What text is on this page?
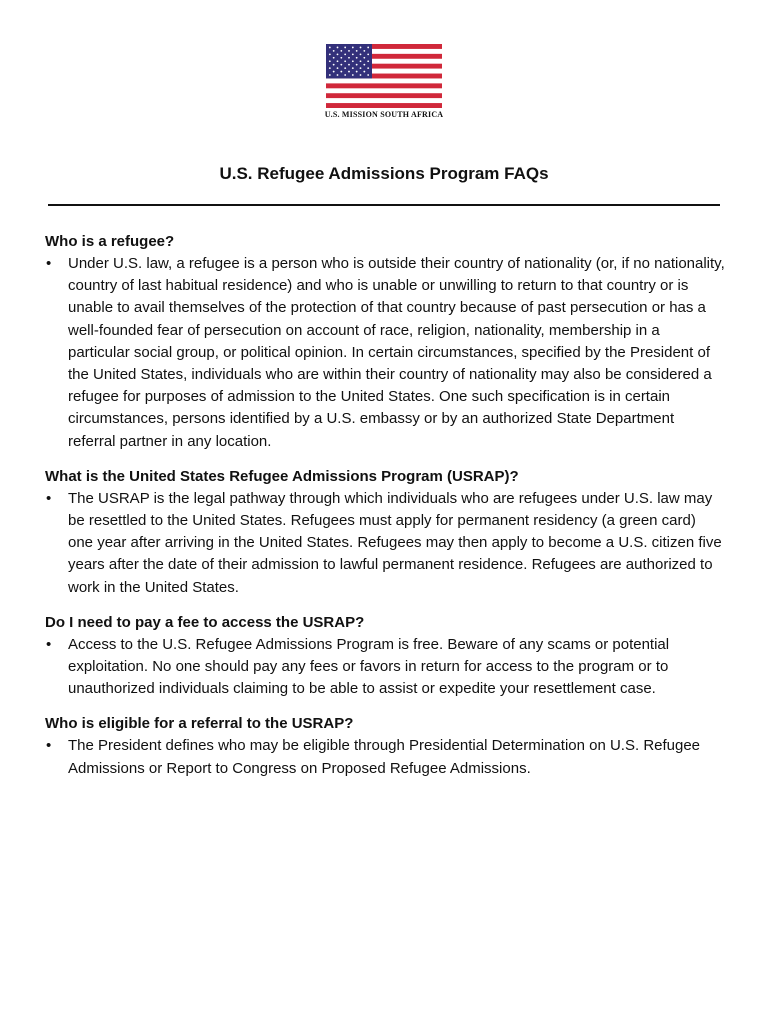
U.S. MISSION SOUTH AFRICA
U.S. Refugee Admissions Program FAQs
Who is a refugee?
• Under U.S. law, a refugee is a person who is outside their country of nationality (or, if no nationality, country of last habitual residence) and who is unable or unwilling to return to that country or is unable to avail themselves of the protection of that country because of past persecution or has a well-founded fear of persecution on account of race, religion, nationality, membership in a particular social group, or political opinion. In certain circumstances, specified by the President of the United States, individuals who are within their country of nationality may also be considered a refugee for purposes of admission to the United States. One such specification is in certain circumstances, persons identified by a U.S. embassy or by an authorized State Department referral partner in any location.
What is the United States Refugee Admissions Program (USRAP)?
• The USRAP is the legal pathway through which individuals who are refugees under U.S. law may be resettled to the United States. Refugees must apply for permanent residency (a green card) one year after arriving in the United States. Refugees may then apply to become a U.S. citizen five years after the date of their admission to lawful permanent residence. Refugees are authorized to work in the United States.
Do I need to pay a fee to access the USRAP?
• Access to the U.S. Refugee Admissions Program is free. Beware of any scams or potential exploitation. No one should pay any fees or favors in return for access to the program or to unauthorized individuals claiming to be able to assist or expedite your resettlement case.
Who is eligible for a referral to the USRAP?
• The President defines who may be eligible through Presidential Determination on U.S. Refugee Admissions or Report to Congress on Proposed Refugee Admissions.
